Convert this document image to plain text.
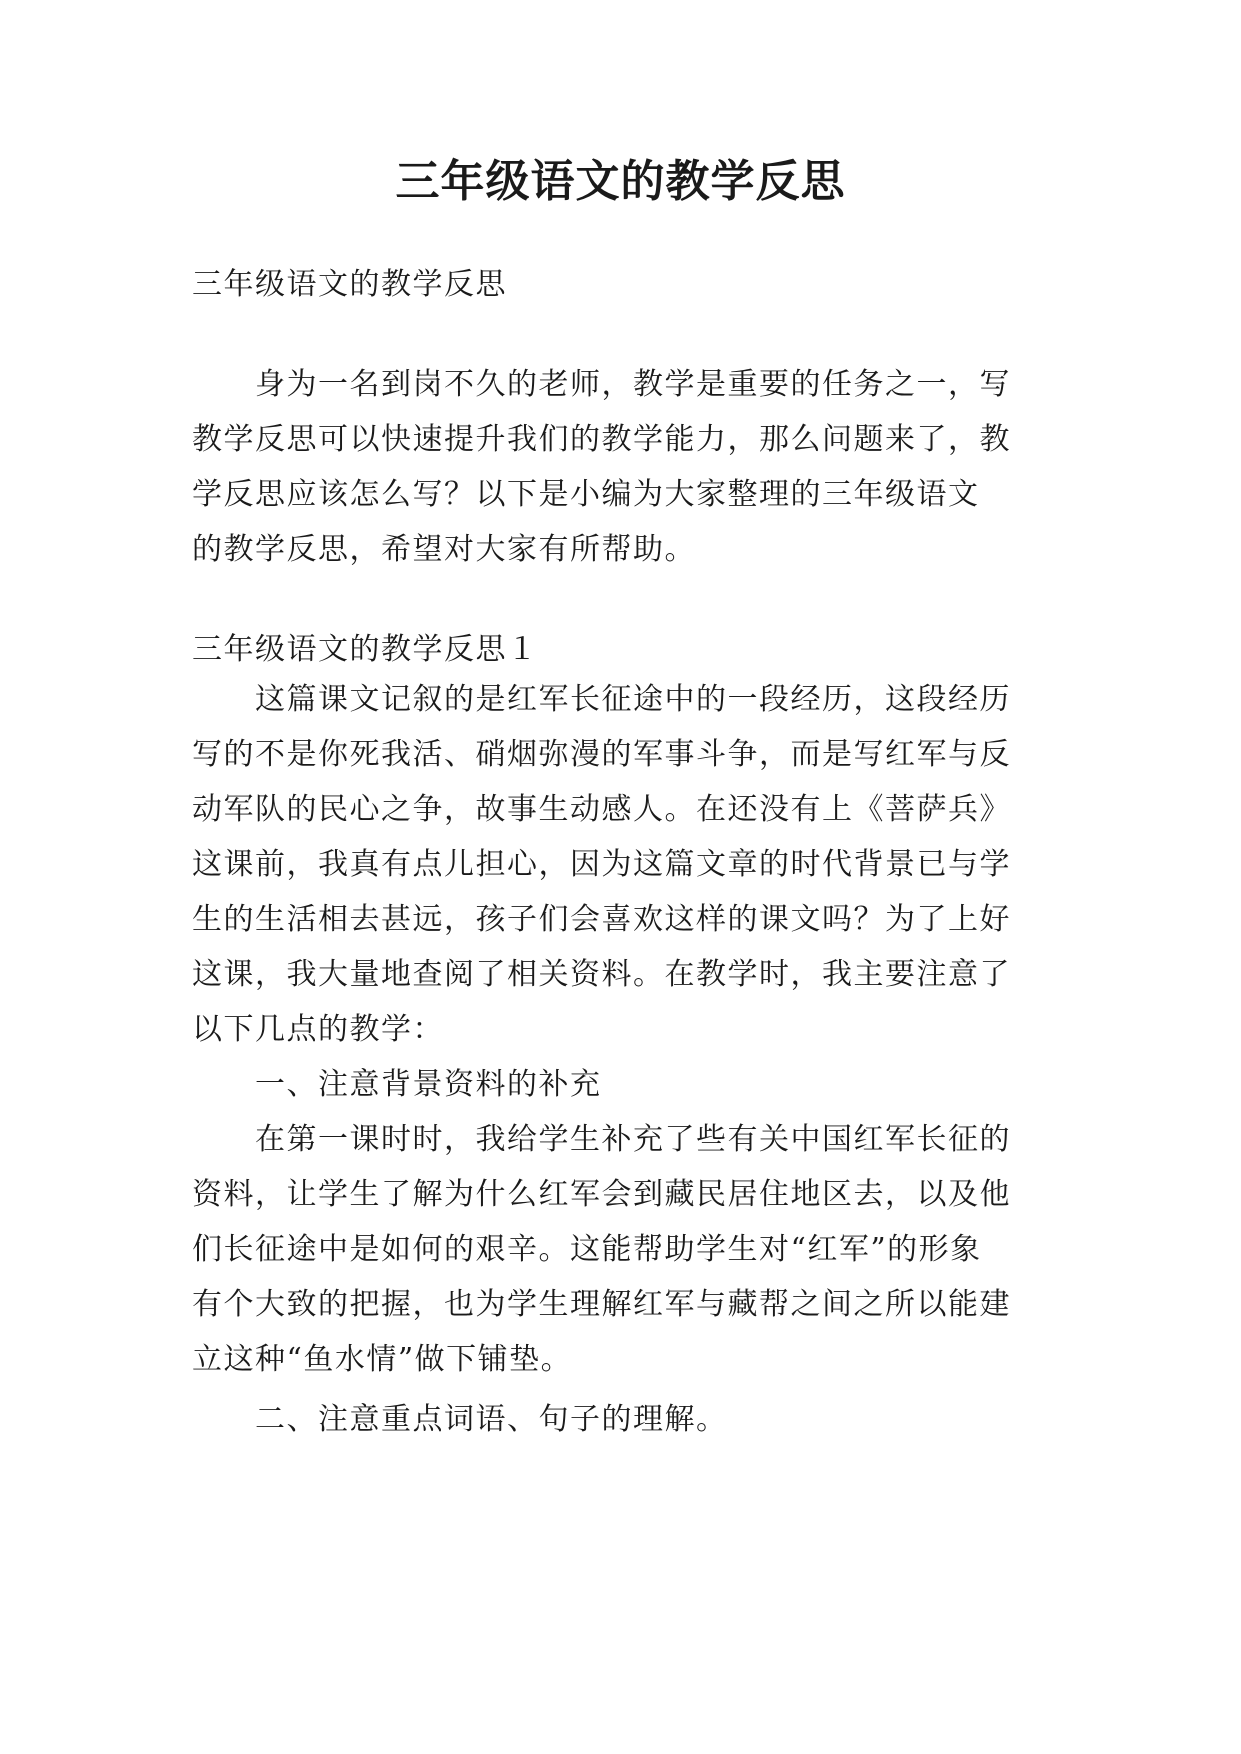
三年级语文的教学反思
三年级语文的教学反思
身为一名到岗不久的老师，教学是重要的任务之一，写
教学反思可以快速提升我们的教学能力，那么问题来了，教
学反思应该怎么写？以下是小编为大家整理的三年级语文
的教学反思，希望对大家有所帮助。
三年级语文的教学反思１
这篇课文记叙的是红军长征途中的一段经历，这段经历
写的不是你死我活、硝烟弥漫的军事斗争，而是写红军与反
动军队的民心之争，故事生动感人。在还没有上《菩萨兵》
这课前，我真有点儿担心，因为这篇文章的时代背景已与学
生的生活相去甚远，孩子们会喜欢这样的课文吗？为了上好
这课，我大量地查阅了相关资料。在教学时，我主要注意了
以下几点的教学：
一、注意背景资料的补充
在第一课时时，我给学生补充了些有关中国红军长征的
资料，让学生了解为什么红军会到藏民居住地区去，以及他
们长征途中是如何的艰辛。这能帮助学生对“红军”的形象
有个大致的把握，也为学生理解红军与藏帮之间之所以能建
立这种“鱼水情”做下铺垫。
二、注意重点词语、句子的理解。
